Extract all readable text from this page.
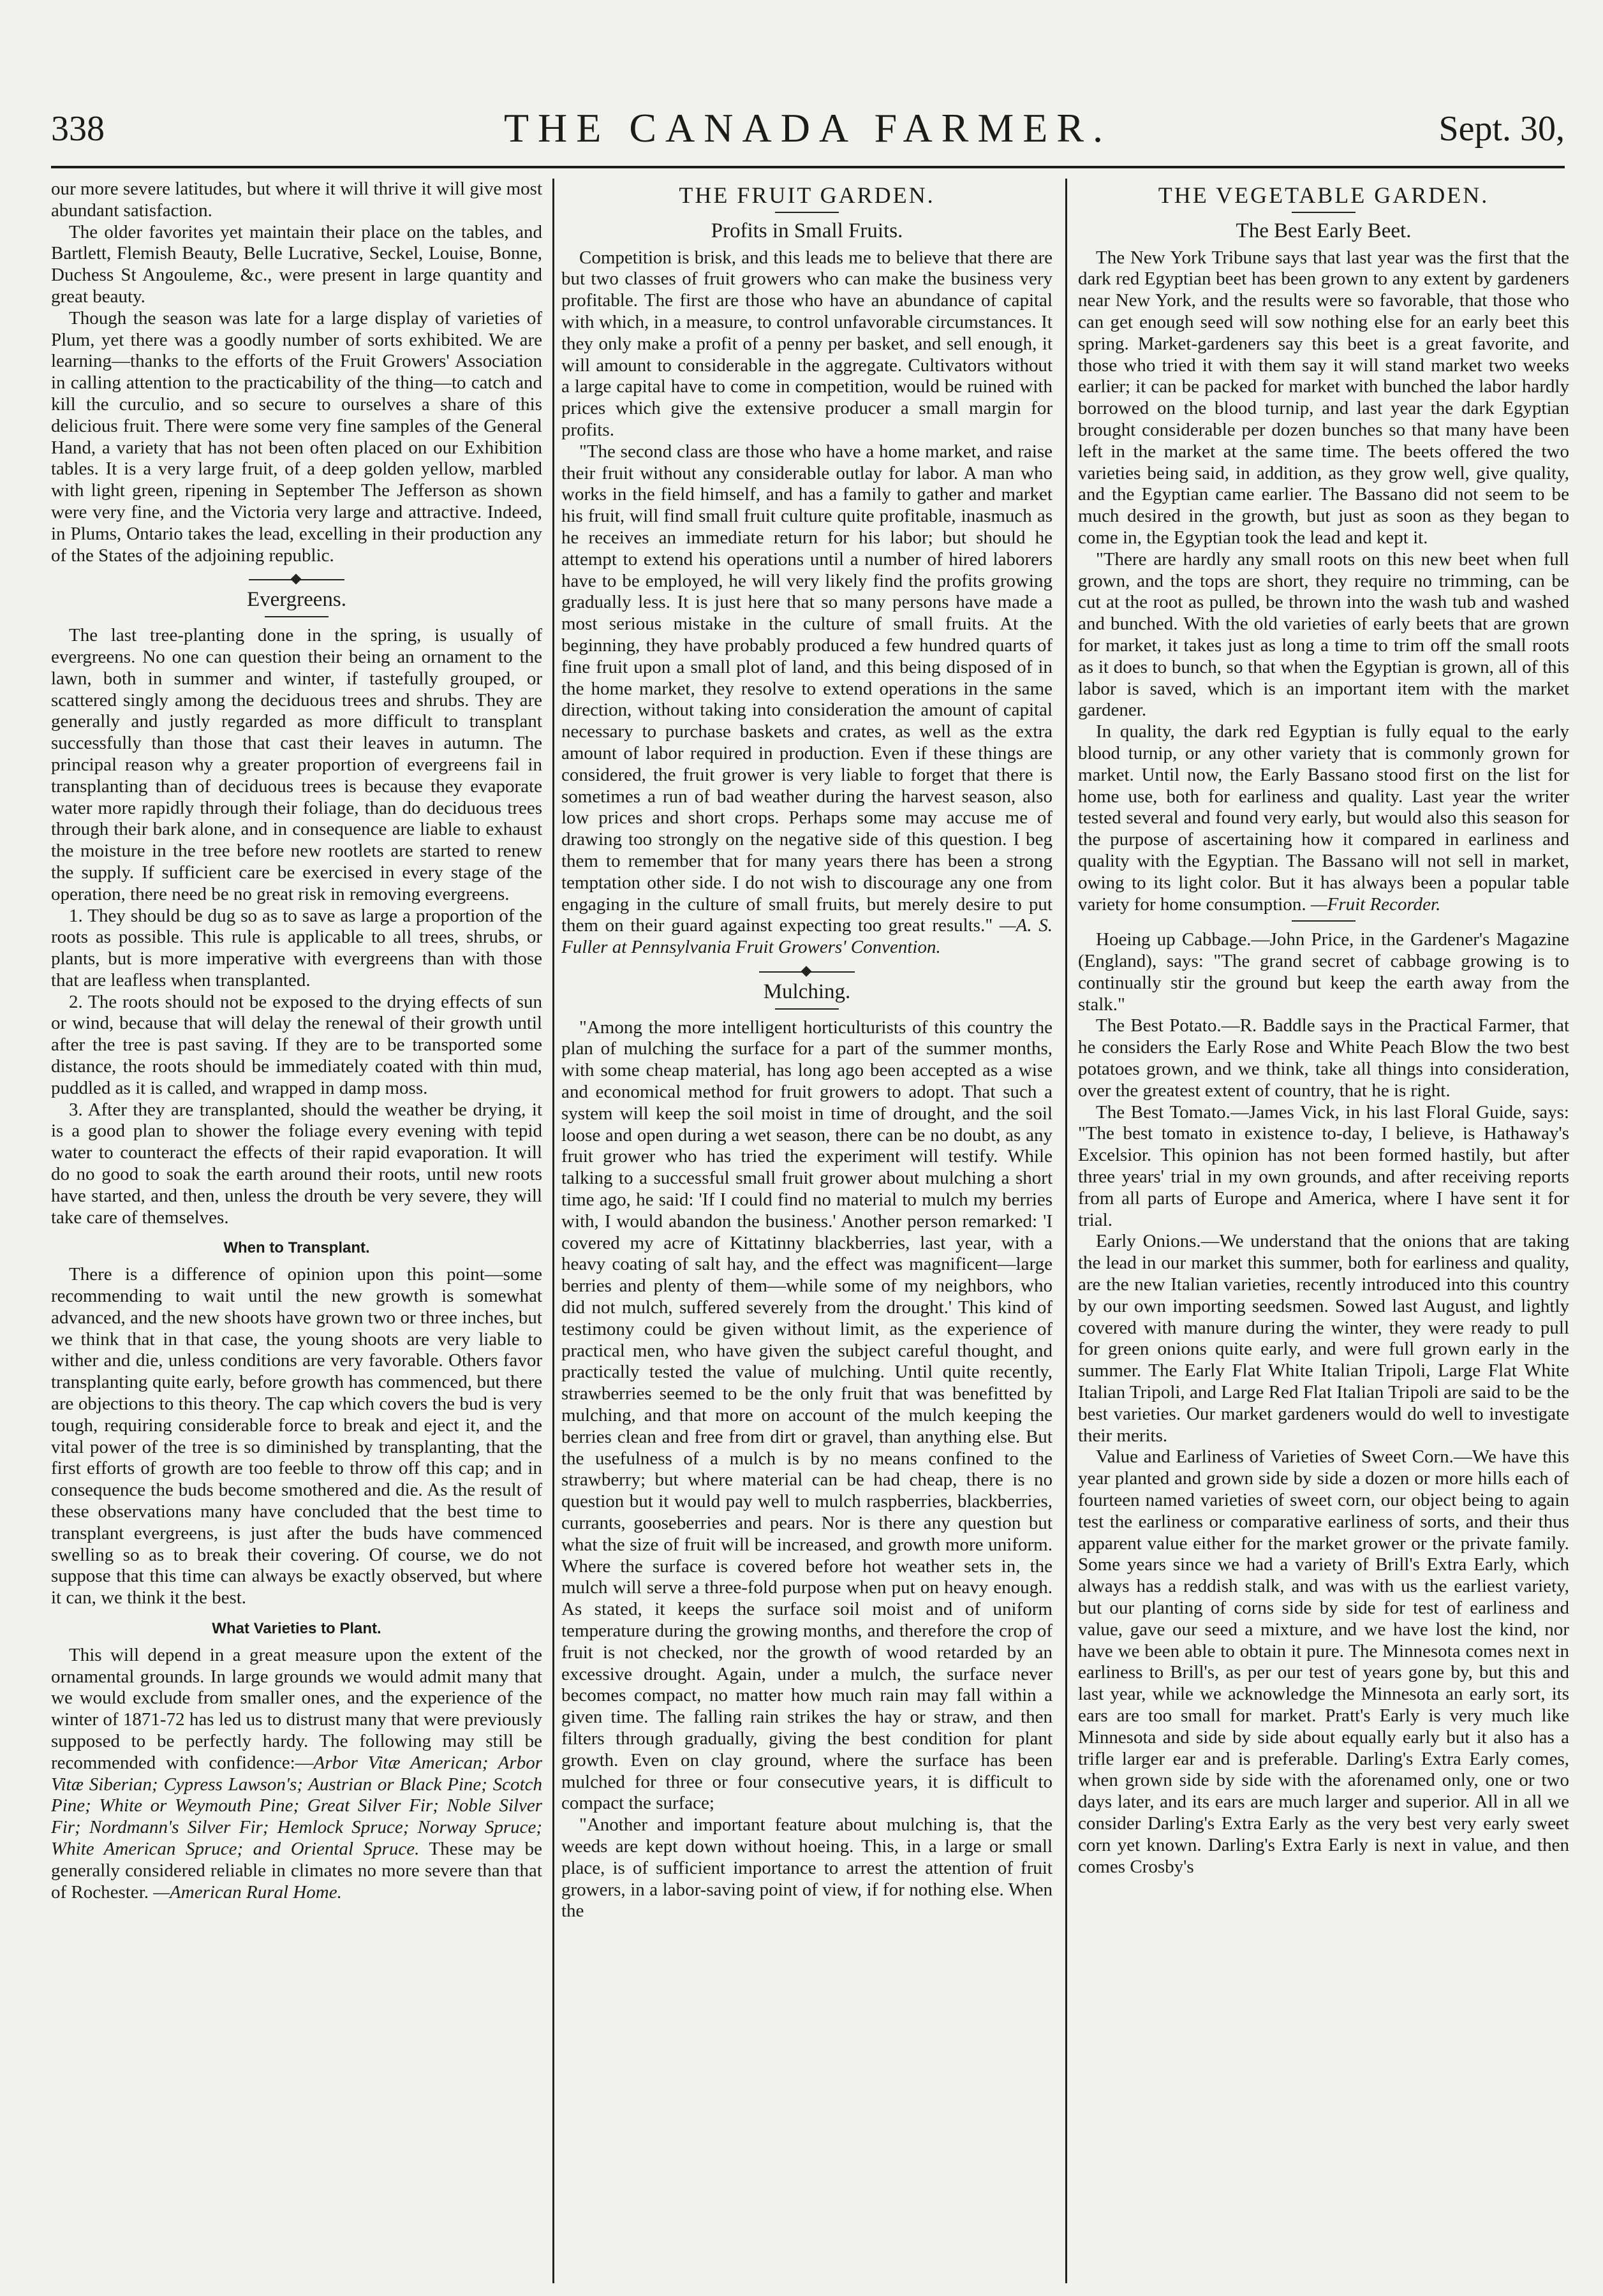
338	THE CANADA FARMER.	Sept. 30,

our more severe latitudes, but where it will thrive it will give most abundant satisfaction.

The older favorites yet maintain their place on the tables, and Bartlett, Flemish Beauty, Belle Lucrative, Seckel, Louise, Bonne, Duchess St Angouleme, &c., were present in large quantity and great beauty.

Though the season was late for a large display of varieties of Plum, yet there was a goodly number of sorts exhibited. We are learning—thanks to the efforts of the Fruit Growers' Association in calling attention to the practicability of the thing—to catch and kill the curculio, and so secure to ourselves a share of this delicious fruit. There were some very fine samples of the General Hand, a variety that has not been often placed on our Exhibition tables. It is a very large fruit, of a deep golden yellow, marbled with light green, ripening in September The Jefferson as shown were very fine, and the Victoria very large and attractive. Indeed, in Plums, Ontario takes the lead, excelling in their production any of the States of the adjoining republic.

Evergreens.

The last tree-planting done in the spring, is usually of evergreens. No one can question their being an ornament to the lawn, both in summer and winter, if tastefully grouped, or scattered singly among the deciduous trees and shrubs. They are generally and justly regarded as more difficult to transplant successfully than those that cast their leaves in autumn. The principal reason why a greater proportion of evergreens fail in transplanting than of deciduous trees is because they evaporate water more rapidly through their foliage, than do deciduous trees through their bark alone, and in consequence are liable to exhaust the moisture in the tree before new rootlets are started to renew the supply. If sufficient care be exercised in every stage of the operation, there need be no great risk in removing evergreens.

1. They should be dug so as to save as large a proportion of the roots as possible. This rule is applicable to all trees, shrubs, or plants, but is more imperative with evergreens than with those that are leafless when transplanted.

2. The roots should not be exposed to the drying effects of sun or wind, because that will delay the renewal of their growth until after the tree is past saving. If they are to be transported some distance, the roots should be immediately coated with thin mud, puddled as it is called, and wrapped in damp moss.

3. After they are transplanted, should the weather be drying, it is a good plan to shower the foliage every evening with tepid water to counteract the effects of their rapid evaporation. It will do no good to soak the earth around their roots, until new roots have started, and then, unless the drouth be very severe, they will take care of themselves.

When to Transplant.

There is a difference of opinion upon this point—some recommending to wait until the new growth is somewhat advanced, and the new shoots have grown two or three inches, but we think that in that case, the young shoots are very liable to wither and die, unless conditions are very favorable. Others favor transplanting quite early, before growth has commenced, but there are objections to this theory. The cap which covers the bud is very tough, requiring considerable force to break and eject it, and the vital power of the tree is so diminished by transplanting, that the first efforts of growth are too feeble to throw off this cap; and in consequence the buds become smothered and die. As the result of these observations many have concluded that the best time to transplant evergreens, is just after the buds have commenced swelling so as to break their covering. Of course, we do not suppose that this time can always be exactly observed, but where it can, we think it the best.

What Varieties to Plant.

This will depend in a great measure upon the extent of the ornamental grounds. In large grounds we would admit many that we would exclude from smaller ones, and the experience of the winter of 1871-72 has led us to distrust many that were previously supposed to be perfectly hardy. The following may still be recommended with confidence:—Arbor Vitæ American; Arbor Vitæ Siberian; Cypress Lawson's; Austrian or Black Pine; Scotch Pine; White or Weymouth Pine; Great Silver Fir; Noble Silver Fir; Nordmann's Silver Fir; Hemlock Spruce; Norway Spruce; White American Spruce; and Oriental Spruce. These may be generally considered reliable in climates no more severe than that of Rochester. —American Rural Home.

THE FRUIT GARDEN.
Profits in Small Fruits.

Competition is brisk, and this leads me to believe that there are but two classes of fruit growers who can make the business very profitable. The first are those who have an abundance of capital with which, in a measure, to control unfavorable circumstances. It they only make a profit of a penny per basket, and sell enough, it will amount to considerable in the aggregate. Cultivators without a large capital have to come in competition, would be ruined with prices which give the extensive producer a small margin for profits.

"The second class are those who have a home market, and raise their fruit without any considerable outlay for labor. A man who works in the field himself, and has a family to gather and market his fruit, will find small fruit culture quite profitable, inasmuch as he receives an immediate return for his labor; but should he attempt to extend his operations until a number of hired laborers have to be employed, he will very likely find the profits growing gradually less. It is just here that so many persons have made a most serious mistake in the culture of small fruits. At the beginning, they have probably produced a few hundred quarts of fine fruit upon a small plot of land, and this being disposed of in the home market, they resolve to extend operations in the same direction, without taking into consideration the amount of capital necessary to purchase baskets and crates, as well as the extra amount of labor required in production. Even if these things are considered, the fruit grower is very liable to forget that there is sometimes a run of bad weather during the harvest season, also low prices and short crops. Perhaps some may accuse me of drawing too strongly on the negative side of this question. I beg them to remember that for many years there has been a strong temptation other side. I do not wish to discourage any one from engaging in the culture of small fruits, but merely desire to put them on their guard against expecting too great results." —A. S. Fuller at Pennsylvania Fruit Growers' Convention.

Mulching.

"Among the more intelligent horticulturists of this country the plan of mulching the surface for a part of the summer months, with some cheap material, has long ago been accepted as a wise and economical method for fruit growers to adopt. That such a system will keep the soil moist in time of drought, and the soil loose and open during a wet season, there can be no doubt, as any fruit grower who has tried the experiment will testify. While talking to a successful small fruit grower about mulching a short time ago, he said: 'If I could find no material to mulch my berries with, I would abandon the business.' Another person remarked: 'I covered my acre of Kittatinny blackberries, last year, with a heavy coating of salt hay, and the effect was magnificent—large berries and plenty of them—while some of my neighbors, who did not mulch, suffered severely from the drought.' This kind of testimony could be given without limit, as the experience of practical men, who have given the subject careful thought, and practically tested the value of mulching. Until quite recently, strawberries seemed to be the only fruit that was benefitted by mulching, and that more on account of the mulch keeping the berries clean and free from dirt or gravel, than anything else. But the usefulness of a mulch is by no means confined to the strawberry; but where material can be had cheap, there is no question but it would pay well to mulch raspberries, blackberries, currants, gooseberries and pears. Nor is there any question but what the size of fruit will be increased, and growth more uniform. Where the surface is covered before hot weather sets in, the mulch will serve a three-fold purpose when put on heavy enough. As stated, it keeps the surface soil moist and of uniform temperature during the growing months, and therefore the crop of fruit is not checked, nor the growth of wood retarded by an excessive drought. Again, under a mulch, the surface never becomes compact, no matter how much rain may fall within a given time. The falling rain strikes the hay or straw, and then filters through gradually, giving the best condition for plant growth. Even on clay ground, where the surface has been mulched for three or four consecutive years, it is difficult to compact the surface;

"Another and important feature about mulching is, that the weeds are kept down without hoeing. This, in a large or small place, is of sufficient importance to arrest the attention of fruit growers, in a labor-saving point of view, if for nothing else. When the

THE VEGETABLE GARDEN.
The Best Early Beet.

The New York Tribune says that last year was the first that the dark red Egyptian beet has been grown to any extent by gardeners near New York, and the results were so favorable, that those who can get enough seed will sow nothing else for an early beet this spring. Market-gardeners say this beet is a great favorite, and those who tried it with them say it will stand market two weeks earlier; it can be packed for market with bunched the labor hardly borrowed on the blood turnip, and last year the dark Egyptian brought considerable per dozen bunches so that many have been left in the market at the same time. The beets offered the two varieties being said, in addition, as they grow well, give quality, and the Egyptian came earlier. The Bassano did not seem to be much desired in the growth, but just as soon as they began to come in, the Egyptian took the lead and kept it.

"There are hardly any small roots on this new beet when full grown, and the tops are short, they require no trimming, can be cut at the root as pulled, be thrown into the wash tub and washed and bunched. With the old varieties of early beets that are grown for market, it takes just as long a time to trim off the small roots as it does to bunch, so that when the Egyptian is grown, all of this labor is saved, which is an important item with the market gardener.

In quality, the dark red Egyptian is fully equal to the early blood turnip, or any other variety that is commonly grown for market. Until now, the Early Bassano stood first on the list for home use, both for earliness and quality. Last year the writer tested several and found very early, but would also this season for the purpose of ascertaining how it compared in earliness and quality with the Egyptian. The Bassano will not sell in market, owing to its light color. But it has always been a popular table variety for home consumption. —Fruit Recorder.

Hoeing up Cabbage.—John Price, in the Gardener's Magazine (England), says: "The grand secret of cabbage growing is to continually stir the ground but keep the earth away from the stalk."

The Best Potato.—R. Baddle says in the Practical Farmer, that he considers the Early Rose and White Peach Blow the two best potatoes grown, and we think, take all things into consideration, over the greatest extent of country, that he is right.

The Best Tomato.—James Vick, in his last Floral Guide, says: "The best tomato in existence to-day, I believe, is Hathaway's Excelsior. This opinion has not been formed hastily, but after three years' trial in my own grounds, and after receiving reports from all parts of Europe and America, where I have sent it for trial.

Early Onions.—We understand that the onions that are taking the lead in our market this summer, both for earliness and quality, are the new Italian varieties, recently introduced into this country by our own importing seedsmen. Sowed last August, and lightly covered with manure during the winter, they were ready to pull for green onions quite early, and were full grown early in the summer. The Early Flat White Italian Tripoli, Large Flat White Italian Tripoli, and Large Red Flat Italian Tripoli are said to be the best varieties. Our market gardeners would do well to investigate their merits.

Value and Earliness of Varieties of Sweet Corn.—We have this year planted and grown side by side a dozen or more hills each of fourteen named varieties of sweet corn, our object being to again test the earliness or comparative earliness of sorts, and their thus apparent value either for the market grower or the private family. Some years since we had a variety of Brill's Extra Early, which always has a reddish stalk, and was with us the earliest variety, but our planting of corns side by side for test of earliness and value, gave our seed a mixture, and we have lost the kind, nor have we been able to obtain it pure. The Minnesota comes next in earliness to Brill's, as per our test of years gone by, but this and last year, while we acknowledge the Minnesota an early sort, its ears are too small for market. Pratt's Early is very much like Minnesota and side by side about equally early but it also has a trifle larger ear and is preferable. Darling's Extra Early comes, when grown side by side with the aforenamed only, one or two days later, and its ears are much larger and superior. All in all we consider Darling's Extra Early as the very best very early sweet corn yet known. Darling's Extra Early is next in value, and then comes Crosby's
